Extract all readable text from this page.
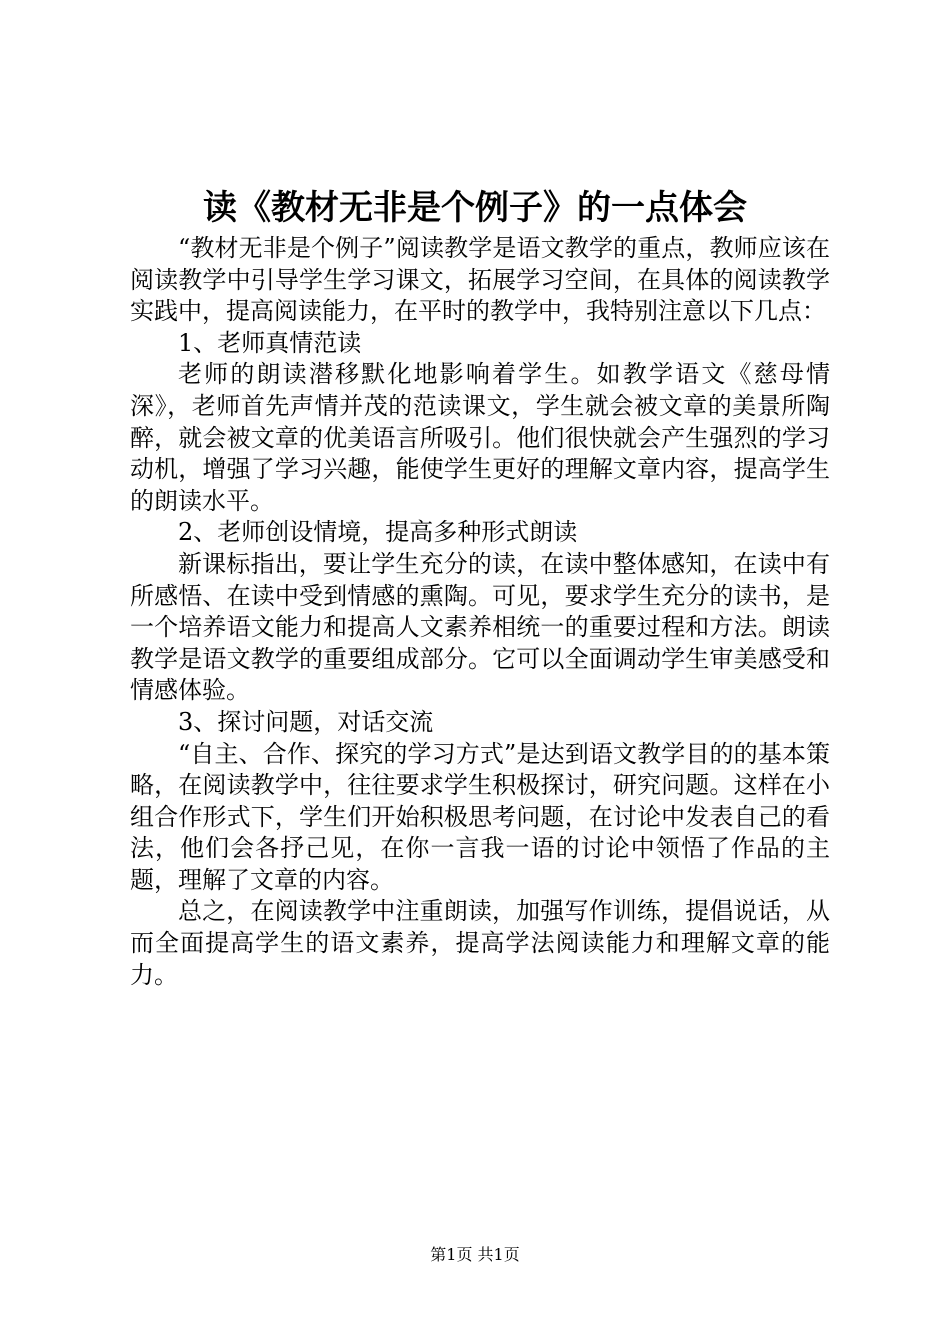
读《教材无非是个例子》的一点体会

“教材无非是个例子”阅读教学是语文教学的重点，教师应该在阅读教学中引导学生学习课文，拓展学习空间，在具体的阅读教学实践中，提高阅读能力，在平时的教学中，我特别注意以下几点：

1、老师真情范读

老师的朗读潜移默化地影响着学生。如教学语文《慈母情深》，老师首先声情并茂的范读课文，学生就会被文章的美景所陶醉，就会被文章的优美语言所吸引。他们很快就会产生强烈的学习动机，增强了学习兴趣，能使学生更好的理解文章内容，提高学生的朗读水平。

2、老师创设情境，提高多种形式朗读

新课标指出，要让学生充分的读，在读中整体感知，在读中有所感悟、在读中受到情感的熏陶。可见，要求学生充分的读书，是一个培养语文能力和提高人文素养相统一的重要过程和方法。朗读教学是语文教学的重要组成部分。它可以全面调动学生审美感受和情感体验。

3、探讨问题，对话交流

“自主、合作、探究的学习方式”是达到语文教学目的的基本策略，在阅读教学中，往往要求学生积极探讨，研究问题。这样在小组合作形式下，学生们开始积极思考问题，在讨论中发表自己的看法，他们会各抒己见，在你一言我一语的讨论中领悟了作品的主题，理解了文章的内容。

总之，在阅读教学中注重朗读，加强写作训练，提倡说话，从而全面提高学生的语文素养，提高学法阅读能力和理解文章的能力。

第1页 共1页
